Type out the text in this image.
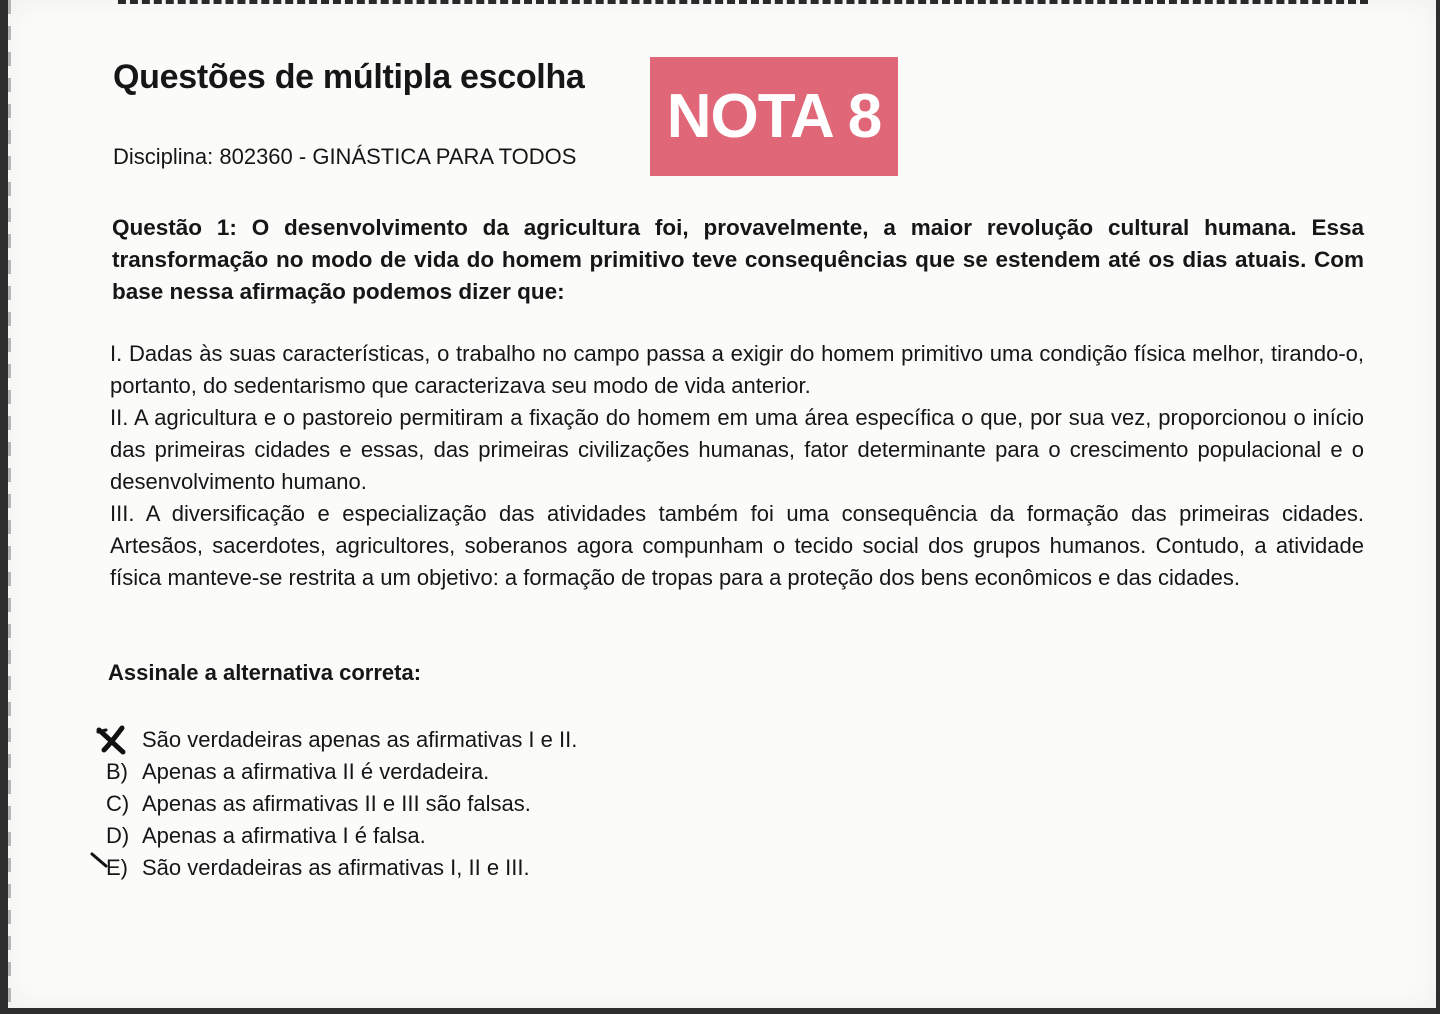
Questões de múltipla escolha
NOTA 8
Disciplina: 802360 - GINÁSTICA PARA TODOS

Questão 1: O desenvolvimento da agricultura foi, provavelmente, a maior revolução cultural humana. Essa transformação no modo de vida do homem primitivo teve consequências que se estendem até os dias atuais. Com base nessa afirmação podemos dizer que:

I. Dadas às suas características, o trabalho no campo passa a exigir do homem primitivo uma condição física melhor, tirando-o, portanto, do sedentarismo que caracterizava seu modo de vida anterior.

II. A agricultura e o pastoreio permitiram a fixação do homem em uma área específica o que, por sua vez, proporcionou o início das primeiras cidades e essas, das primeiras civilizações humanas, fator determinante para o crescimento populacional e o desenvolvimento humano.

III. A diversificação e especialização das atividades também foi uma consequência da formação das primeiras cidades. Artesãos, sacerdotes, agricultores, soberanos agora compunham o tecido social dos grupos humanos. Contudo, a atividade física manteve-se restrita a um objetivo: a formação de tropas para a proteção dos bens econômicos e das cidades.

Assinale a alternativa correta:
São verdadeiras apenas as afirmativas I e II.
B) Apenas a afirmativa II é verdadeira.
C) Apenas as afirmativas II e III são falsas.
D) Apenas a afirmativa I é falsa.
E) São verdadeiras as afirmativas I, II e III.
